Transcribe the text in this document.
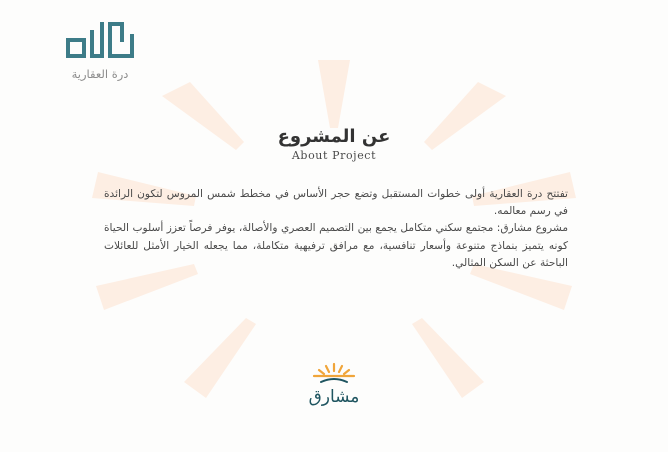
درة العقارية
عن المشروع
About Project

تفتتح درة العقارية أولى خطوات المستقبل وتضع حجر الأساس في مخطط شمس المروس لتكون الرائدة في رسم معالمه.

مشروع مشارق: مجتمع سكني متكامل يجمع بين التصميم العصري والأصالة، يوفر فرصاً تعزز أسلوب الحياة كونه يتميز بنماذج متنوعة وأسعار تنافسية، مع مرافق ترفيهية متكاملة، مما يجعله الخيار الأمثل للعائلات الباحثة عن السكن المثالي.

مشارق
